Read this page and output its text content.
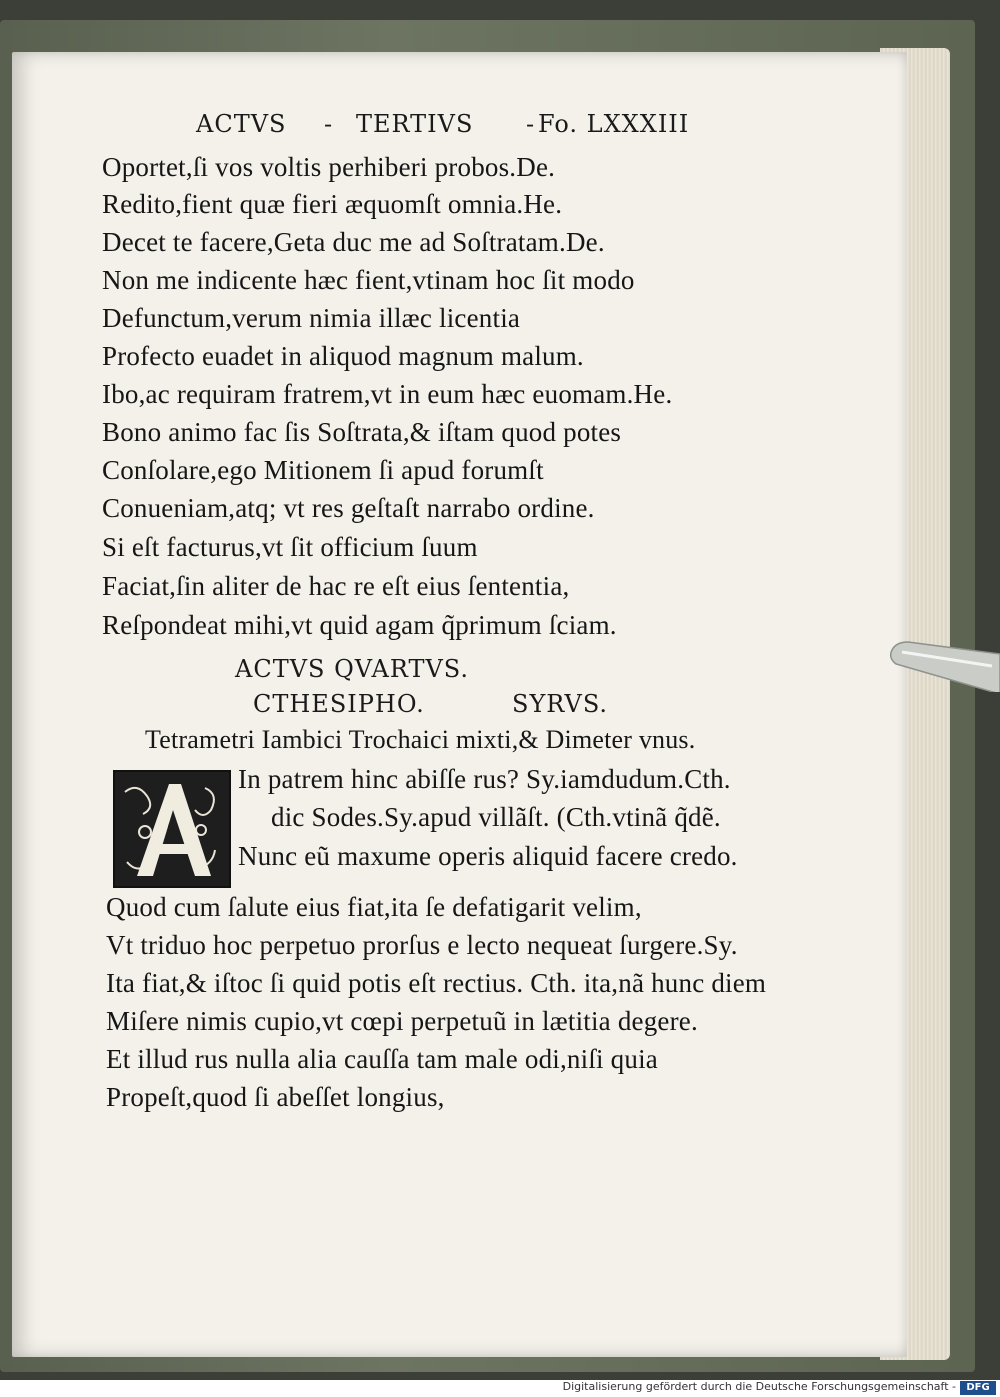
ACTVS - TERTIVS - Fo. LXXXIII
Oportet,ſi vos voltis perhiberi probos.De.
Redito,fient quæ fieri æquomſt omnia.He.
Decet te facere,Geta duc me ad Soſtratam.De.
Non me indicente hæc fient,vtinam hoc ſit modo
Defunctum,verum nimia illæc licentia
Profecto euadet in aliquod magnum malum.
Ibo,ac requiram fratrem,vt in eum hæc euomam.He.
Bono animo fac ſis Soſtrata,& iſtam quod potes
Conſolare,ego Mitionem ſi apud forumſt
Conueniam,atq; vt res geſtaſt narrabo ordine.
Si eſt facturus,vt ſit officium ſuum
Faciat,ſin aliter de hac re eſt eius ſententia,
Reſpondeat mihi,vt quid agam q̃primum ſciam.
ACTVS QVARTVS.
CTHESIPHO.	SYRVS.
Tetrametri Iambici Trochaici mixti,& Dimeter vnus.
A
In patrem hinc abiſſe rus? Sy.iamdudum.Cth.
dic Sodes.Sy.apud villãſt. (Cth.vtinã q̃dẽ.
Nunc eũ maxume operis aliquid facere credo.
Quod cum ſalute eius fiat,ita ſe defatigarit velim,
Vt triduo hoc perpetuo prorſus e lecto nequeat ſurgere.Sy.
Ita fiat,& iſtoc ſi quid potis eſt rectius. Cth. ita,nã hunc diem
Miſere nimis cupio,vt cœpi perpetuũ in lætitia degere.
Et illud rus nulla alia cauſſa tam male odi,niſi quia
Propeſt,quod ſi abeſſet longius,
Digitalisierung gefördert durch die Deutsche Forschungsgemeinschaft -	DFG
